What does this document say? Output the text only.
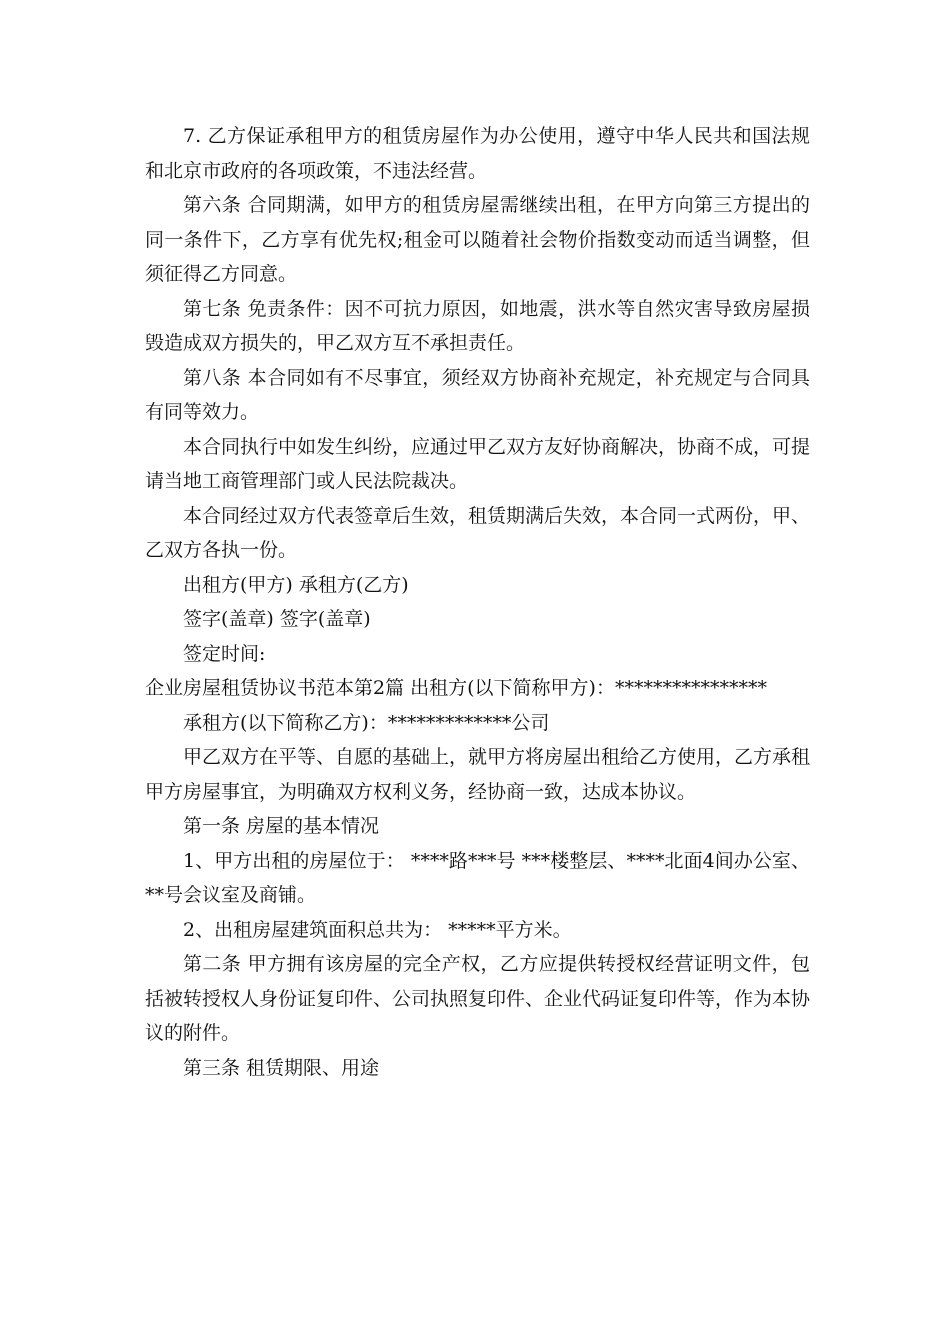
7. 乙方保证承租甲方的租赁房屋作为办公使用，遵守中华人民共和国法规和北京市政府的各项政策，不违法经营。

第六条 合同期满，如甲方的租赁房屋需继续出租，在甲方向第三方提出的同一条件下，乙方享有优先权;租金可以随着社会物价指数变动而适当调整，但须征得乙方同意。

第七条 免责条件：因不可抗力原因，如地震，洪水等自然灾害导致房屋损毁造成双方损失的，甲乙双方互不承担责任。

第八条 本合同如有不尽事宜，须经双方协商补充规定，补充规定与合同具有同等效力。

本合同执行中如发生纠纷，应通过甲乙双方友好协商解决，协商不成，可提请当地工商管理部门或人民法院裁决。

本合同经过双方代表签章后生效，租赁期满后失效，本合同一式两份，甲、乙双方各执一份。

出租方(甲方) 承租方(乙方)

签字(盖章) 签字(盖章)

签定时间:

企业房屋租赁协议书范本第2篇 出租方(以下简称甲方)：****************

承租方(以下简称乙方)：*************公司

甲乙双方在平等、自愿的基础上，就甲方将房屋出租给乙方使用，乙方承租甲方房屋事宜，为明确双方权利义务，经协商一致，达成本协议。

第一条 房屋的基本情况

1、甲方出租的房屋位于： ****路***号 ***楼整层、****北面4间办公室、**号会议室及商铺。

2、出租房屋建筑面积总共为： *****平方米。

第二条 甲方拥有该房屋的完全产权，乙方应提供转授权经营证明文件，包括被转授权人身份证复印件、公司执照复印件、企业代码证复印件等，作为本协议的附件。

第三条 租赁期限、用途
